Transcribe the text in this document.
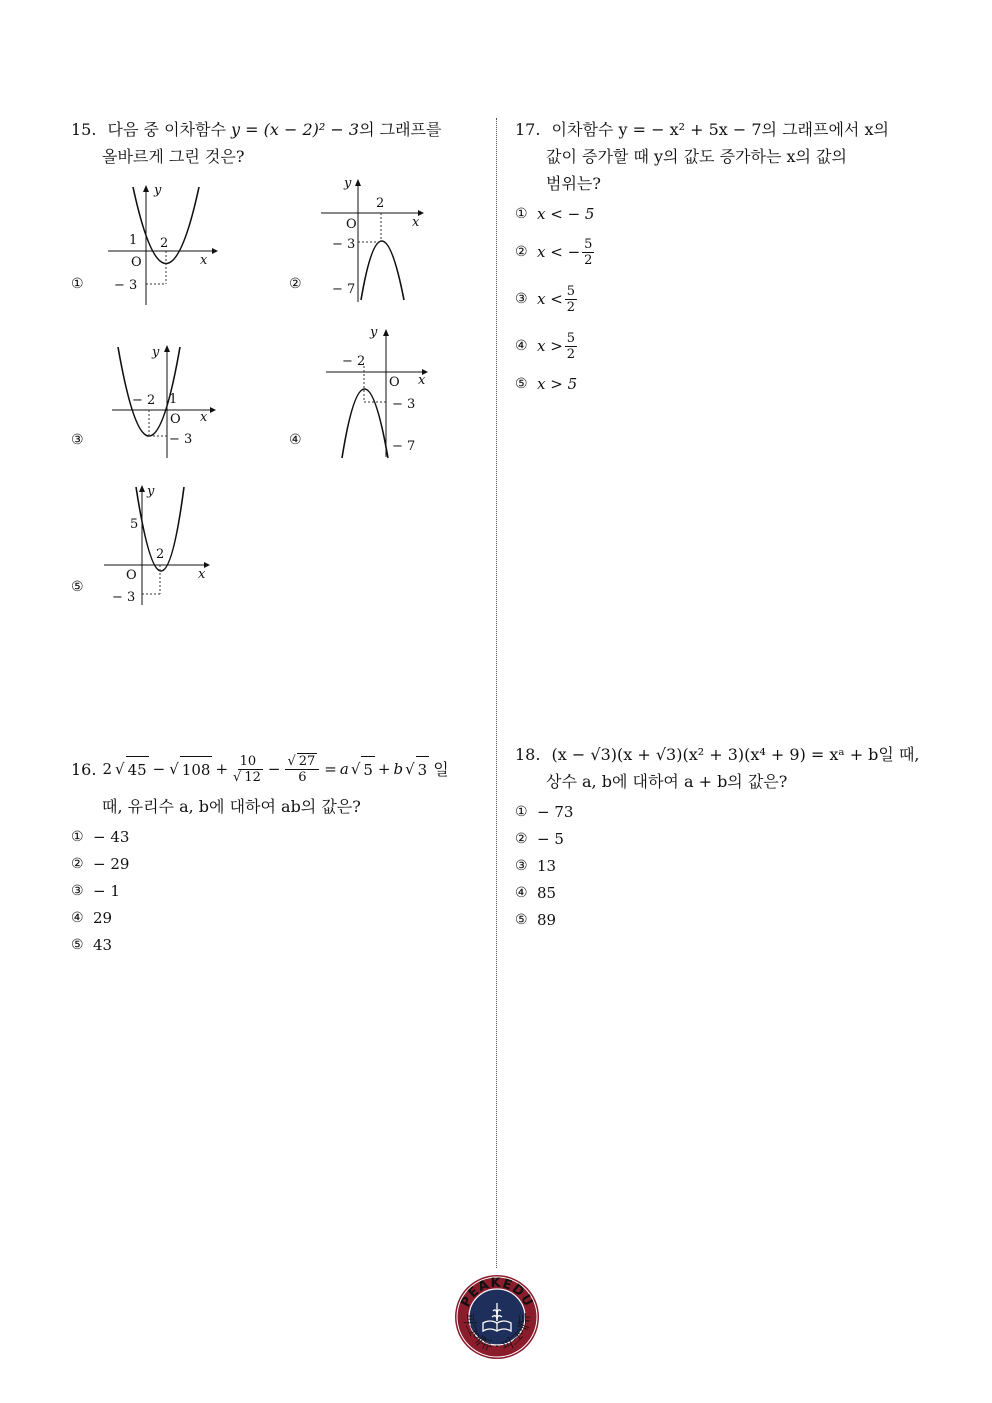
15. 다음 중 이차함수 y = (x − 2)² − 3의 그래프를
올바르게 그린 것은?
①	②
③	④
⑤
y
x
O
1 2
− 3
y
x
O
2
− 3
− 7
y
x
O
− 2 1
− 3
y
x
O
− 2
− 3
− 7
y
x
O
5
2
− 3
16. 2 √ 45 − √ $108 + \frac{10}{√ 12} - \frac{√ 27}{6} = a$ √ 5 + b √ 3 일
때, 유리수 a, b에 대하여 ab의 값은?
① − 43
② − 29
③ − 1
④ 29
⑤ 43
17. 이차함수 y = − x² + 5x − 7의 그래프에서 x의
값이 증가할 때 y의 값도 증가하는 x의 값의
범위는?
① x < − 5
② x < − $\frac{5}{2}$
③ $x < \frac{5}{2}$
④ $x > \frac{5}{2}$
⑤ x > 5
18. (x − √3)(x + √3)(x² + 3)(x⁴ + 9) = xᵃ + b일 때,
상수 a, b에 대하여 a + b의 값은?
① − 73
② − 5
③ 13
④ 85
⑤ 89
PEAKEDU
피크에듀 · 피크에듀
